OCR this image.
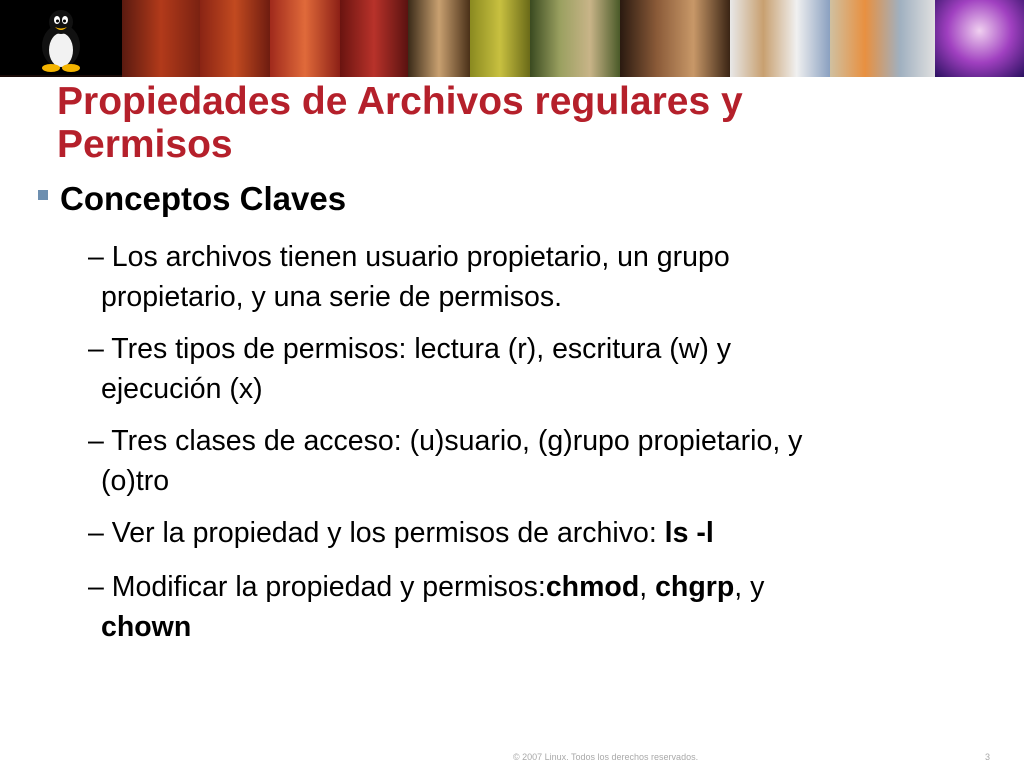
Propiedades de Archivos regulares y
Permisos
Conceptos Claves
– Los archivos tienen usuario propietario, un grupo
propietario, y una serie de permisos.
– Tres tipos de permisos: lectura (r), escritura (w) y
ejecución (x)
– Tres clases de acceso: (u)suario, (g)rupo propietario, y
(o)tro
– Ver la propiedad y los permisos de archivo: ls -l
– Modificar la propiedad y permisos:chmod, chgrp, y
chown
© 2007 Linux. Todos los derechos reservados.	3
